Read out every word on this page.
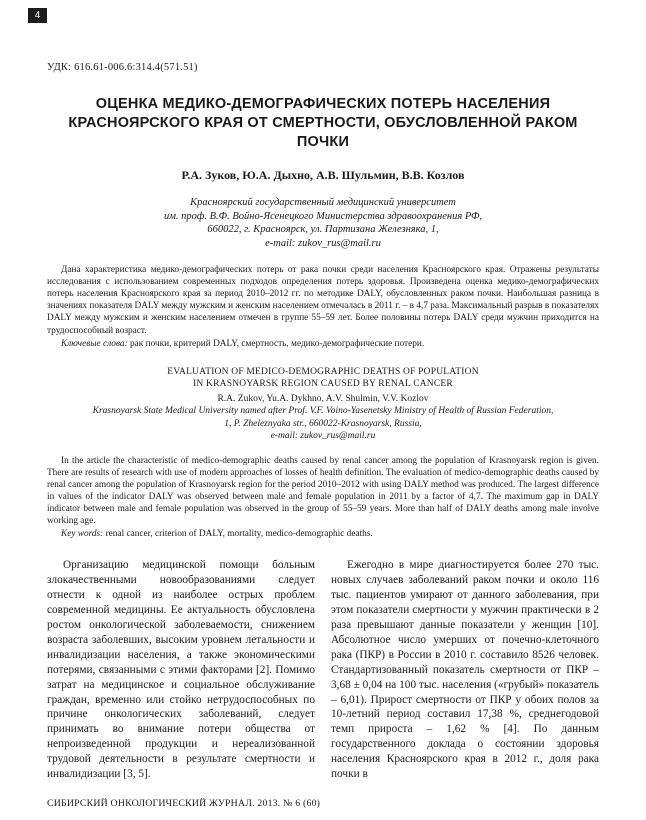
4
УДК: 616.61-006.6:314.4(571.51)
ОЦЕНКА МЕДИКО-ДЕМОГРАФИЧЕСКИХ ПОТЕРЬ НАСЕЛЕНИЯ КРАСНОЯРСКОГО КРАЯ ОТ СМЕРТНОСТИ, ОБУСЛОВЛЕННОЙ РАКОМ ПОЧКИ
Р.А. Зуков, Ю.А. Дыхно, А.В. Шульмин, В.В. Козлов
Красноярский государственный медицинский университет
им. проф. В.Ф. Войно-Ясенецкого Министерства здравоохранения РФ,
660022, г. Красноярск, ул. Партизана Железняка, 1,
e-mail: zukov_rus@mail.ru

Дана характеристика медико-демографических потерь от рака почки среди населения Красноярского края. Отражены результаты исследования с использованием современных подходов определения потерь здоровья. Произведена оценка медико-демографических потерь населения Красноярского края за период 2010–2012 гг. по методике DALY, обусловленных раком почки. Наибольшая разница в значениях показателя DALY между мужским и женским населением отмечалась в 2011 г. – в 4,7 раза. Максимальный разрыв в показателях DALY между мужским и женским населением отмечен в группе 55–59 лет. Более половины потерь DALY среди мужчин приходится на трудоспособный возраст.

Ключевые слова: рак почки, критерий DALY, смертность, медико-демографические потери.
EVALUATION OF MEDICO-DEMOGRAPHIC DEATHS OF POPULATION
IN KRASNOYARSK REGION CAUSED BY RENAL CANCER
R.A. Zukov, Yu.A. Dykhno, A.V. Shulmin, V.V. Kozlov
Krasnoyarsk State Medical University named after Prof. V.F. Voino-Yasenetsky Ministry of Health of Russian Federation,
1, P. Zheleznyaka str., 660022-Krasnoyarsk, Russia,
e-mail: zukov_rus@mail.ru

In the article the characteristic of medico-demographic deaths caused by renal cancer among the population of Krasnoyarsk region is given. There are results of research with use of modern approaches of losses of health definition. The evaluation of medico-demographic deaths caused by renal cancer among the population of Krasnoyarsk region for the period 2010–2012 with using DALY method was produced. The largest difference in values of the indicator DALY was observed between male and female population in 2011 by a factor of 4,7. The maximum gap in DALY indicator between male and female population was observed in the group of 55–59 years. More than half of DALY deaths among male involve working age.

Key words: renal cancer, criterion of DALY, mortality, medico-demographic deaths.

Организацию медицинской помощи больным злокачественными новообразованиями следует отнести к одной из наиболее острых проблем современной медицины. Ее актуальность обусловлена ростом онкологической заболеваемости, снижением возраста заболевших, высоким уровнем летальности и инвалидизации населения, а также экономическими потерями, связанными с этими факторами [2]. Помимо затрат на медицинское и социальное обслуживание граждан, временно или стойко нетрудоспособных по причине онкологических заболеваний, следует принимать во внимание потери общества от непроизведенной продукции и нереализованной трудовой деятельности в результате смертности и инвалидизации [3, 5].

Ежегодно в мире диагностируется более 270 тыс. новых случаев заболеваний раком почки и около 116 тыс. пациентов умирают от данного заболевания, при этом показатели смертности у мужчин практически в 2 раза превышают данные показатели у женщин [10]. Абсолютное число умерших от почечно-клеточного рака (ПКР) в России в 2010 г. составило 8526 человек. Стандартизованный показатель смертности от ПКР – 3,68 ± 0,04 на 100 тыс. населения («грубый» показатель – 6,01). Прирост смертности от ПКР у обоих полов за 10-летний период составил 17,38 %, среднегодовой темп прироста – 1,62 % [4]. По данным государственного доклада о состоянии здоровья населения Красноярского края в 2012 г., доля рака почки в

СИБИРСКИЙ ОНКОЛОГИЧЕСКИЙ ЖУРНАЛ. 2013. № 6 (60)
